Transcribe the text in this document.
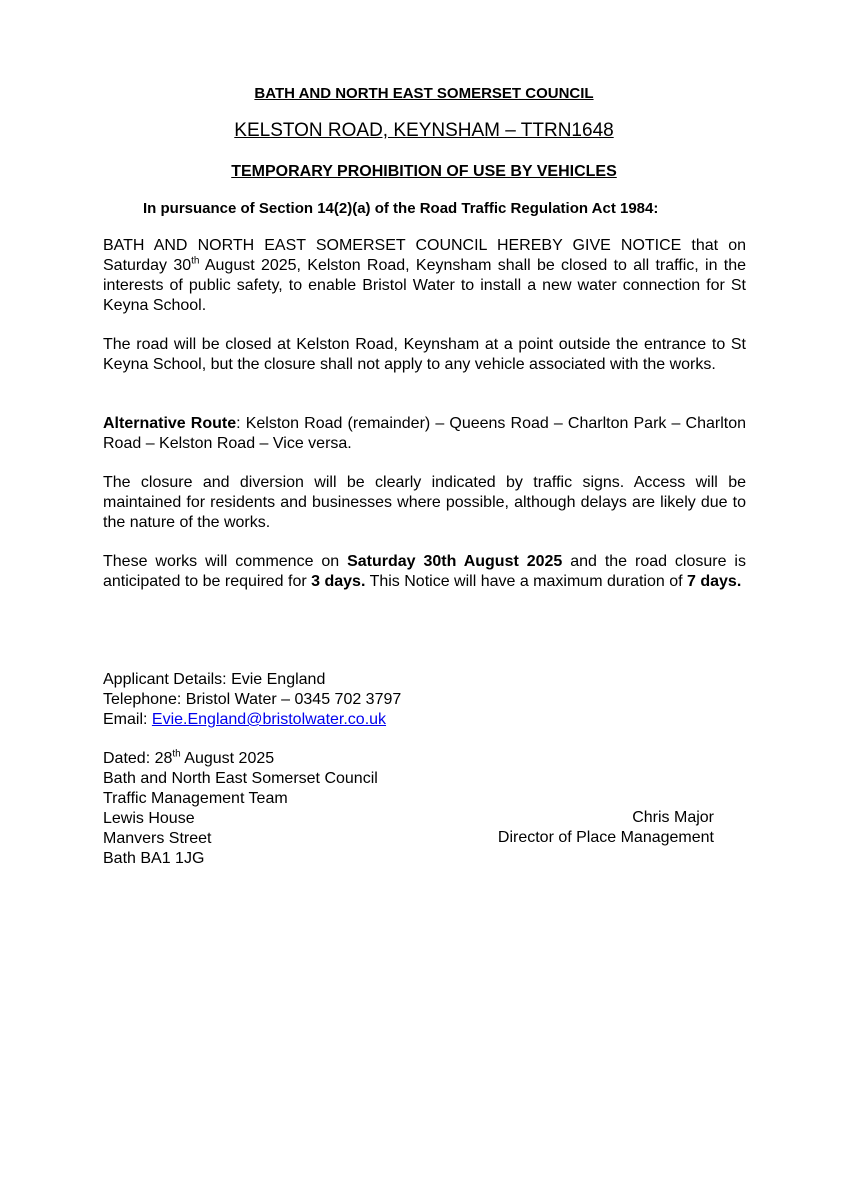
BATH AND NORTH EAST SOMERSET COUNCIL
KELSTON ROAD, KEYNSHAM – TTRN1648
TEMPORARY PROHIBITION OF USE BY VEHICLES
In pursuance of Section 14(2)(a) of the Road Traffic Regulation Act 1984:

BATH AND NORTH EAST SOMERSET COUNCIL HEREBY GIVE NOTICE that on Saturday 30th August 2025, Kelston Road, Keynsham shall be closed to all traffic, in the interests of public safety, to enable Bristol Water to install a new water connection for St Keyna School.

The road will be closed at Kelston Road, Keynsham at a point outside the entrance to St Keyna School, but the closure shall not apply to any vehicle associated with the works.

Alternative Route: Kelston Road (remainder) – Queens Road – Charlton Park – Charlton Road – Kelston Road – Vice versa.

The closure and diversion will be clearly indicated by traffic signs. Access will be maintained for residents and businesses where possible, although delays are likely due to the nature of the works.

These works will commence on Saturday 30th August 2025 and the road closure is anticipated to be required for 3 days. This Notice will have a maximum duration of 7 days.

Applicant Details: Evie England
Telephone: Bristol Water – 0345 702 3797
Email: Evie.England@bristolwater.co.uk
Dated: 28th August 2025
Bath and North East Somerset Council
Traffic Management Team
Lewis House
Manvers Street
Bath BA1 1JG
Chris Major
Director of Place Management
